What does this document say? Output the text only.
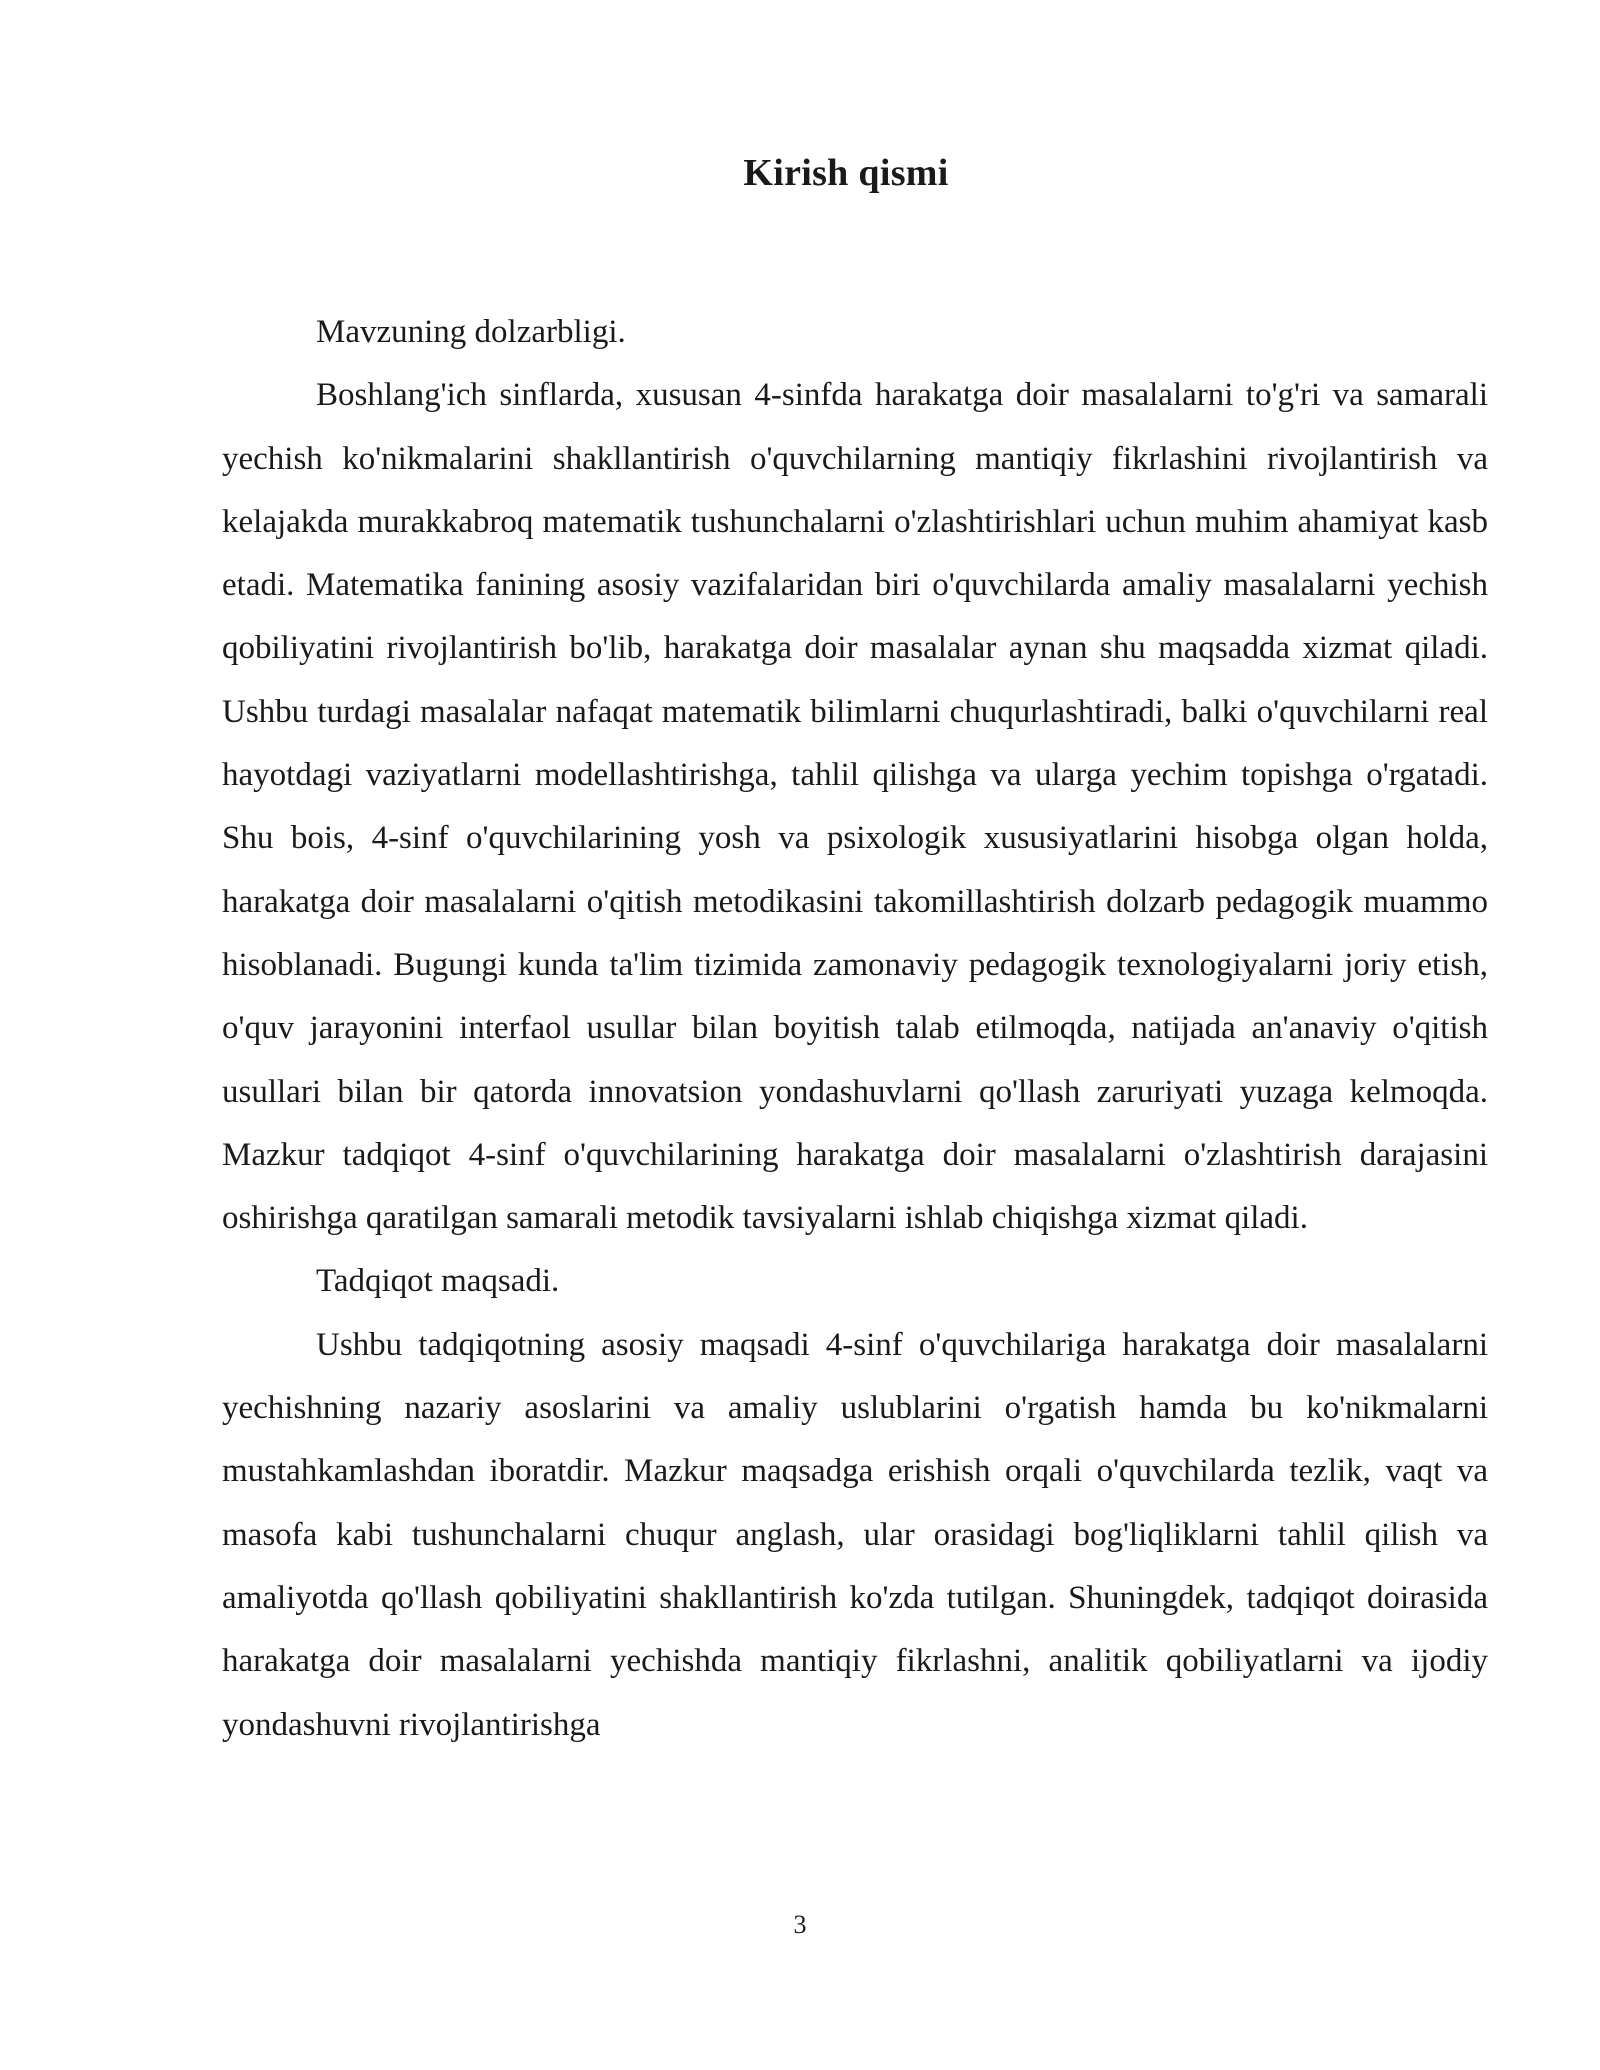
Kirish qismi

Mavzuning dolzarbligi.

Boshlang'ich sinflarda, xususan 4-sinfda harakatga doir masalalarni to'g'ri va samarali yechish ko'nikmalarini shakllantirish o'quvchilarning mantiqiy fikrlashini rivojlantirish va kelajakda murakkabroq matematik tushunchalarni o'zlashtirishlari uchun muhim ahamiyat kasb etadi. Matematika fanining asosiy vazifalaridan biri o'quvchilarda amaliy masalalarni yechish qobiliyatini rivojlantirish bo'lib, harakatga doir masalalar aynan shu maqsadda xizmat qiladi. Ushbu turdagi masalalar nafaqat matematik bilimlarni chuqurlashtiradi, balki o'quvchilarni real hayotdagi vaziyatlarni modellashtirishga, tahlil qilishga va ularga yechim topishga o'rgatadi. Shu bois, 4-sinf o'quvchilarining yosh va psixologik xususiyatlarini hisobga olgan holda, harakatga doir masalalarni o'qitish metodikasini takomillashtirish dolzarb pedagogik muammo hisoblanadi. Bugungi kunda ta'lim tizimida zamonaviy pedagogik texnologiyalarni joriy etish, o'quv jarayonini interfaol usullar bilan boyitish talab etilmoqda, natijada an'anaviy o'qitish usullari bilan bir qatorda innovatsion yondashuvlarni qo'llash zaruriyati yuzaga kelmoqda. Mazkur tadqiqot 4-sinf o'quvchilarining harakatga doir masalalarni o'zlashtirish darajasini oshirishga qaratilgan samarali metodik tavsiyalarni ishlab chiqishga xizmat qiladi.

Tadqiqot maqsadi.

Ushbu tadqiqotning asosiy maqsadi 4-sinf o'quvchilariga harakatga doir masalalarni yechishning nazariy asoslarini va amaliy uslublarini o'rgatish hamda bu ko'nikmalarni mustahkamlashdan iboratdir. Mazkur maqsadga erishish orqali o'quvchilarda tezlik, vaqt va masofa kabi tushunchalarni chuqur anglash, ular orasidagi bog'liqliklarni tahlil qilish va amaliyotda qo'llash qobiliyatini shakllantirish ko'zda tutilgan. Shuningdek, tadqiqot doirasida harakatga doir masalalarni yechishda mantiqiy fikrlashni, analitik qobiliyatlarni va ijodiy yondashuvni rivojlantirishga

3
